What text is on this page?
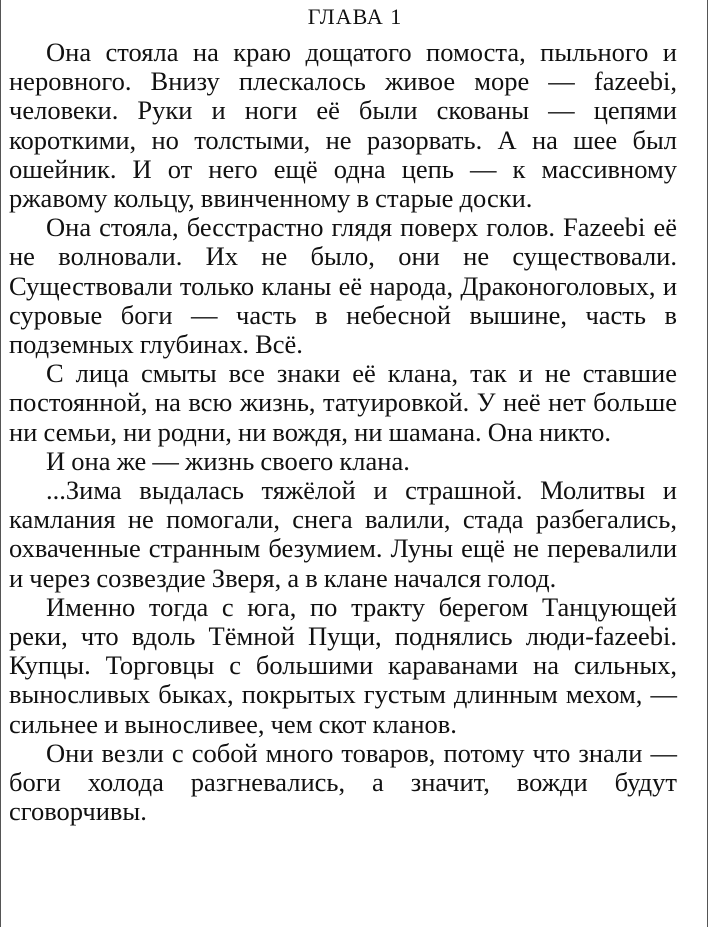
ГЛАВА 1

Она стояла на краю дощатого помоста, пыльного и неровного. Внизу плескалось живое море — fazeebi, человеки. Руки и ноги её были скованы — цепями короткими, но толстыми, не разорвать. А на шее был ошейник. И от него ещё одна цепь — к массивному ржавому кольцу, ввинченному в старые доски.

Она стояла, бесстрастно глядя поверх голов. Fazeebi её не волновали. Их не было, они не существовали. Существовали только кланы её народа, Драконоголовых, и суровые боги — часть в небесной вышине, часть в подземных глубинах. Всё.

С лица смыты все знаки её клана, так и не ставшие постоянной, на всю жизнь, татуировкой. У неё нет больше ни семьи, ни родни, ни вождя, ни шамана. Она никто.

И она же — жизнь своего клана.

...Зима выдалась тяжёлой и страшной. Молитвы и камлания не помогали, снега валили, стада разбегались, охваченные странным безумием. Луны ещё не перевалили и через созвездие Зверя, а в клане начался голод.

Именно тогда с юга, по тракту берегом Танцующей реки, что вдоль Тёмной Пущи, поднялись люди-fazeebi. Купцы. Торговцы с большими караванами на сильных, выносливых быках, покрытых густым длинным мехом, — сильнее и выносливее, чем скот кланов.

Они везли с собой много товаров, потому что знали — боги холода разгневались, а значит, вожди будут сговорчивы.
